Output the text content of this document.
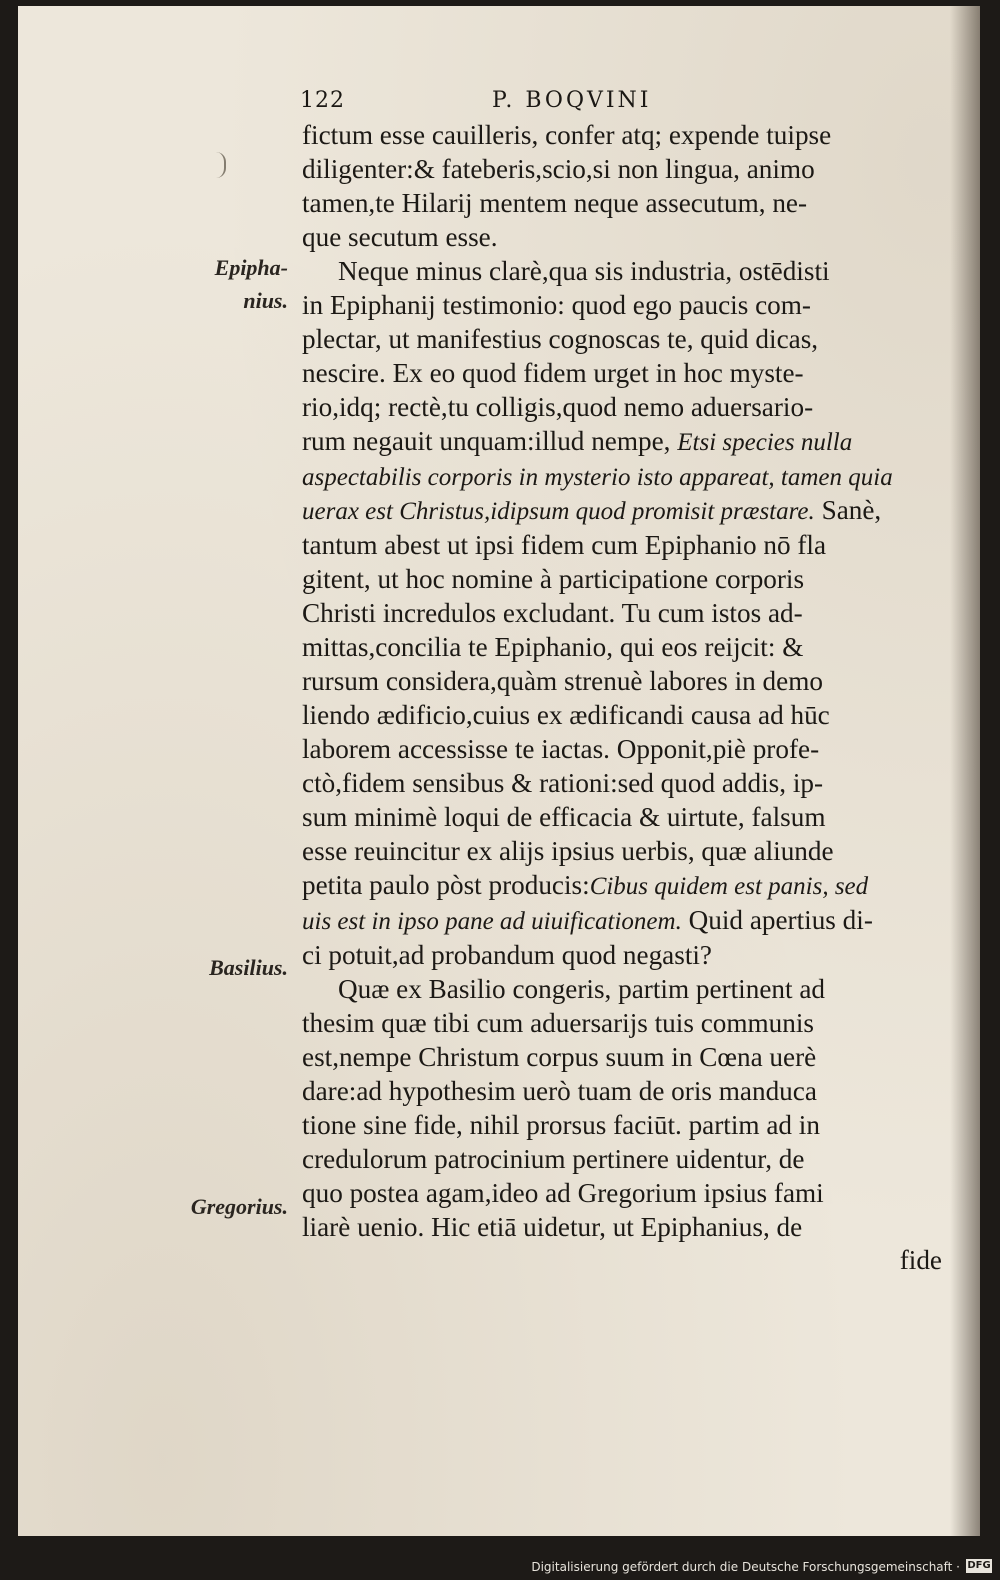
122	P. BOQVINI
Epipha-
nius.
Basilius.
Gregorius.
fictum esse cauilleris, confer atq; expende tuipse
diligenter:& fateberis,scio,si non lingua, animo
tamen,te Hilarij mentem neque assecutum, ne-
que secutum esse.
Neque minus clarè,qua sis industria, ostēdisti
in Epiphanij testimonio: quod ego paucis com-
plectar, ut manifestius cognoscas te, quid dicas,
nescire. Ex eo quod fidem urget in hoc myste-
rio,idq; rectè,tu colligis,quod nemo aduersario-
rum negauit unquam:illud nempe, Etsi species nulla
aspectabilis corporis in mysterio isto appareat, tamen quia
uerax est Christus,idipsum quod promisit præstare. Sanè,
tantum abest ut ipsi fidem cum Epiphanio nō fla
gitent, ut hoc nomine à participatione corporis
Christi incredulos excludant. Tu cum istos ad-
mittas,concilia te Epiphanio, qui eos reijcit: &
rursum considera,quàm strenuè labores in demo
liendo ædificio,cuius ex ædificandi causa ad hūc
laborem accessisse te iactas. Opponit,piè profe-
ctò,fidem sensibus & rationi:sed quod addis, ip-
sum minimè loqui de efficacia & uirtute, falsum
esse reuincitur ex alijs ipsius uerbis, quæ aliunde
petita paulo pòst producis:Cibus quidem est panis, sed
uis est in ipso pane ad uiuificationem. Quid apertius di-
ci potuit,ad probandum quod negasti?
Quæ ex Basilio congeris, partim pertinent ad
thesim quæ tibi cum aduersarijs tuis communis
est,nempe Christum corpus suum in Cœna uerè
dare:ad hypothesim uerò tuam de oris manduca
tione sine fide, nihil prorsus faciūt. partim ad in
credulorum patrocinium pertinere uidentur, de
quo postea agam,ideo ad Gregorium ipsius fami
liarè uenio. Hic etiā uidetur, ut Epiphanius, de
fide
Digitalisierung gefördert durch die Deutsche Forschungsgemeinschaft · DFG
